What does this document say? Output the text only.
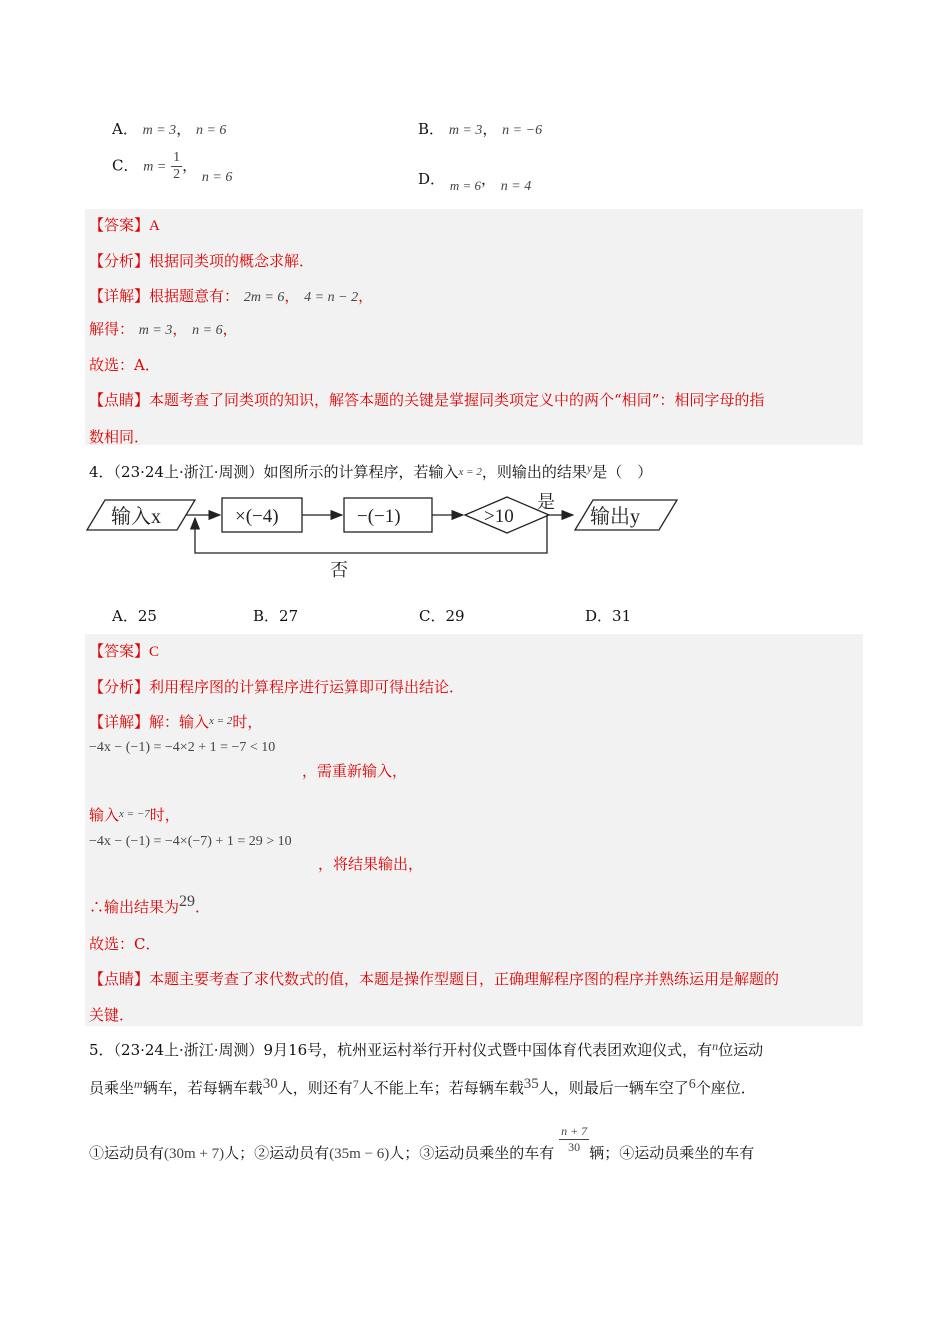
A． m = 3， n = 6	B． m = 3， n = −6
C． $m = \frac{1}{2}$ ， n = 6	D． m = 6， n = 4
【答案】A
【分析】根据同类项的概念求解．
【详解】根据题意有： 2m = 6， 4 = n − 2，
解得： m = 3， n = 6，
故选：A．
【点睛】本题考查了同类项的知识，解答本题的关键是掌握同类项定义中的两个“相同”：相同字母的指
数相同．
4．（23·24上·浙江·周测）如图所示的计算程序，若输入x = 2，则输出的结果$^y$是（　）
输入x	×(−4)	−(−1)	>10
是
输出y
否
A．25	B．27	C．29	D．31
【答案】C
【分析】利用程序图的计算程序进行运算即可得出结论．
【详解】解：输入$^{x = 2}$时，
−4x − (−1) = −4×2 + 1 = −7 < 10
，需重新输入，
输入$^{x = -7}$时，
−4x − (−1) = −4×(−7) + 1 = 29 > 10
，将结果输出，
∴输出结果为29．
故选：C．
【点睛】本题主要考查了求代数式的值，本题是操作型题目，正确理解程序图的程序并熟练运用是解题的
关键．
5．（23·24上·浙江·周测）9月16号，杭州亚运村举行开村仪式暨中国体育代表团欢迎仪式，有$^n$位运动
员乘坐$^m$辆车，若每辆车载30人，则还有$^7$人不能上车；若每辆车载35人，则最后一辆车空了6个座位．
①运动员有(30m + 7)人；②运动员有(35m − 6)人；③运动员乘坐的车有 $\frac{n + 7}{30}$ 辆；④运动员乘坐的车有
